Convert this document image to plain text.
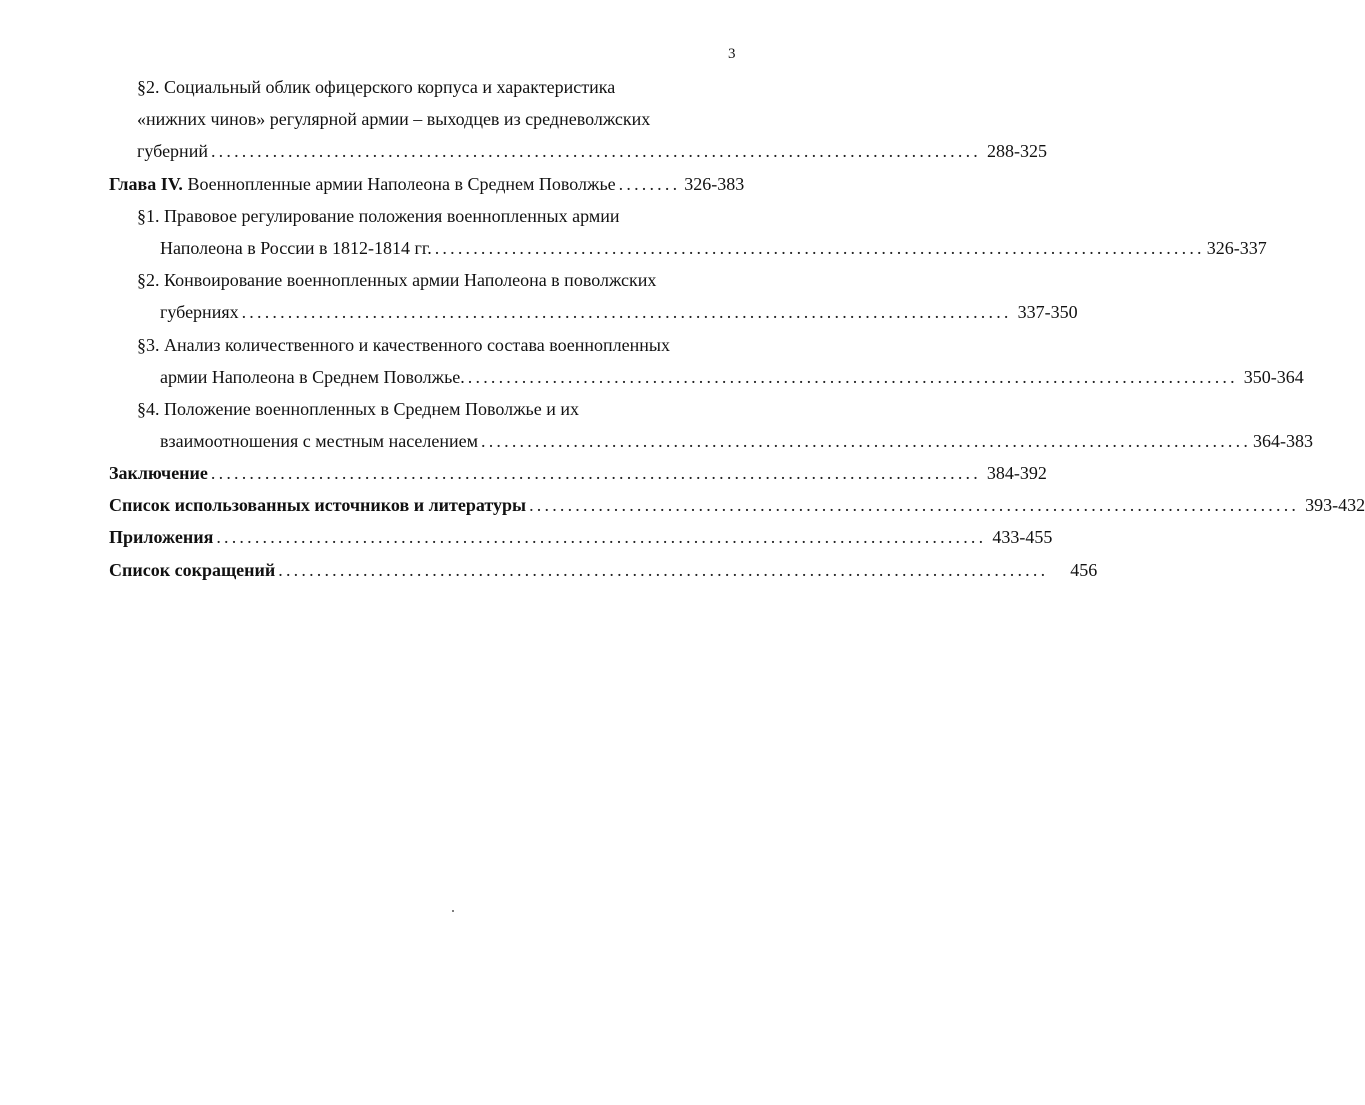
3
§2. Социальный облик офицерского корпуса и характеристика
«нижних чинов» регулярной армии – выходцев из средневолжских
губерний .................................................................................................... 288-325
Глава IV. Военнопленные армии Наполеона в Среднем Поволжье ........ 326-383
§1. Правовое регулирование положения военнопленных армии
Наполеона в России в 1812-1814 гг. .................................................................................................... 326-337
§2. Конвоирование военнопленных армии Наполеона в поволжских
губерниях .................................................................................................... 337-350
§3. Анализ количественного и качественного состава военнопленных
армии Наполеона в Среднем Поволжье. .................................................................................................... 350-364
§4. Положение военнопленных в Среднем Поволжье и их
взаимоотношения с местным населением .................................................................................................... 364-383
Заключение .................................................................................................... 384-392
Список использованных источников и литературы .................................................................................................... 393-432
Приложения .................................................................................................... 433-455
Список сокращений .................................................................................................... 456
